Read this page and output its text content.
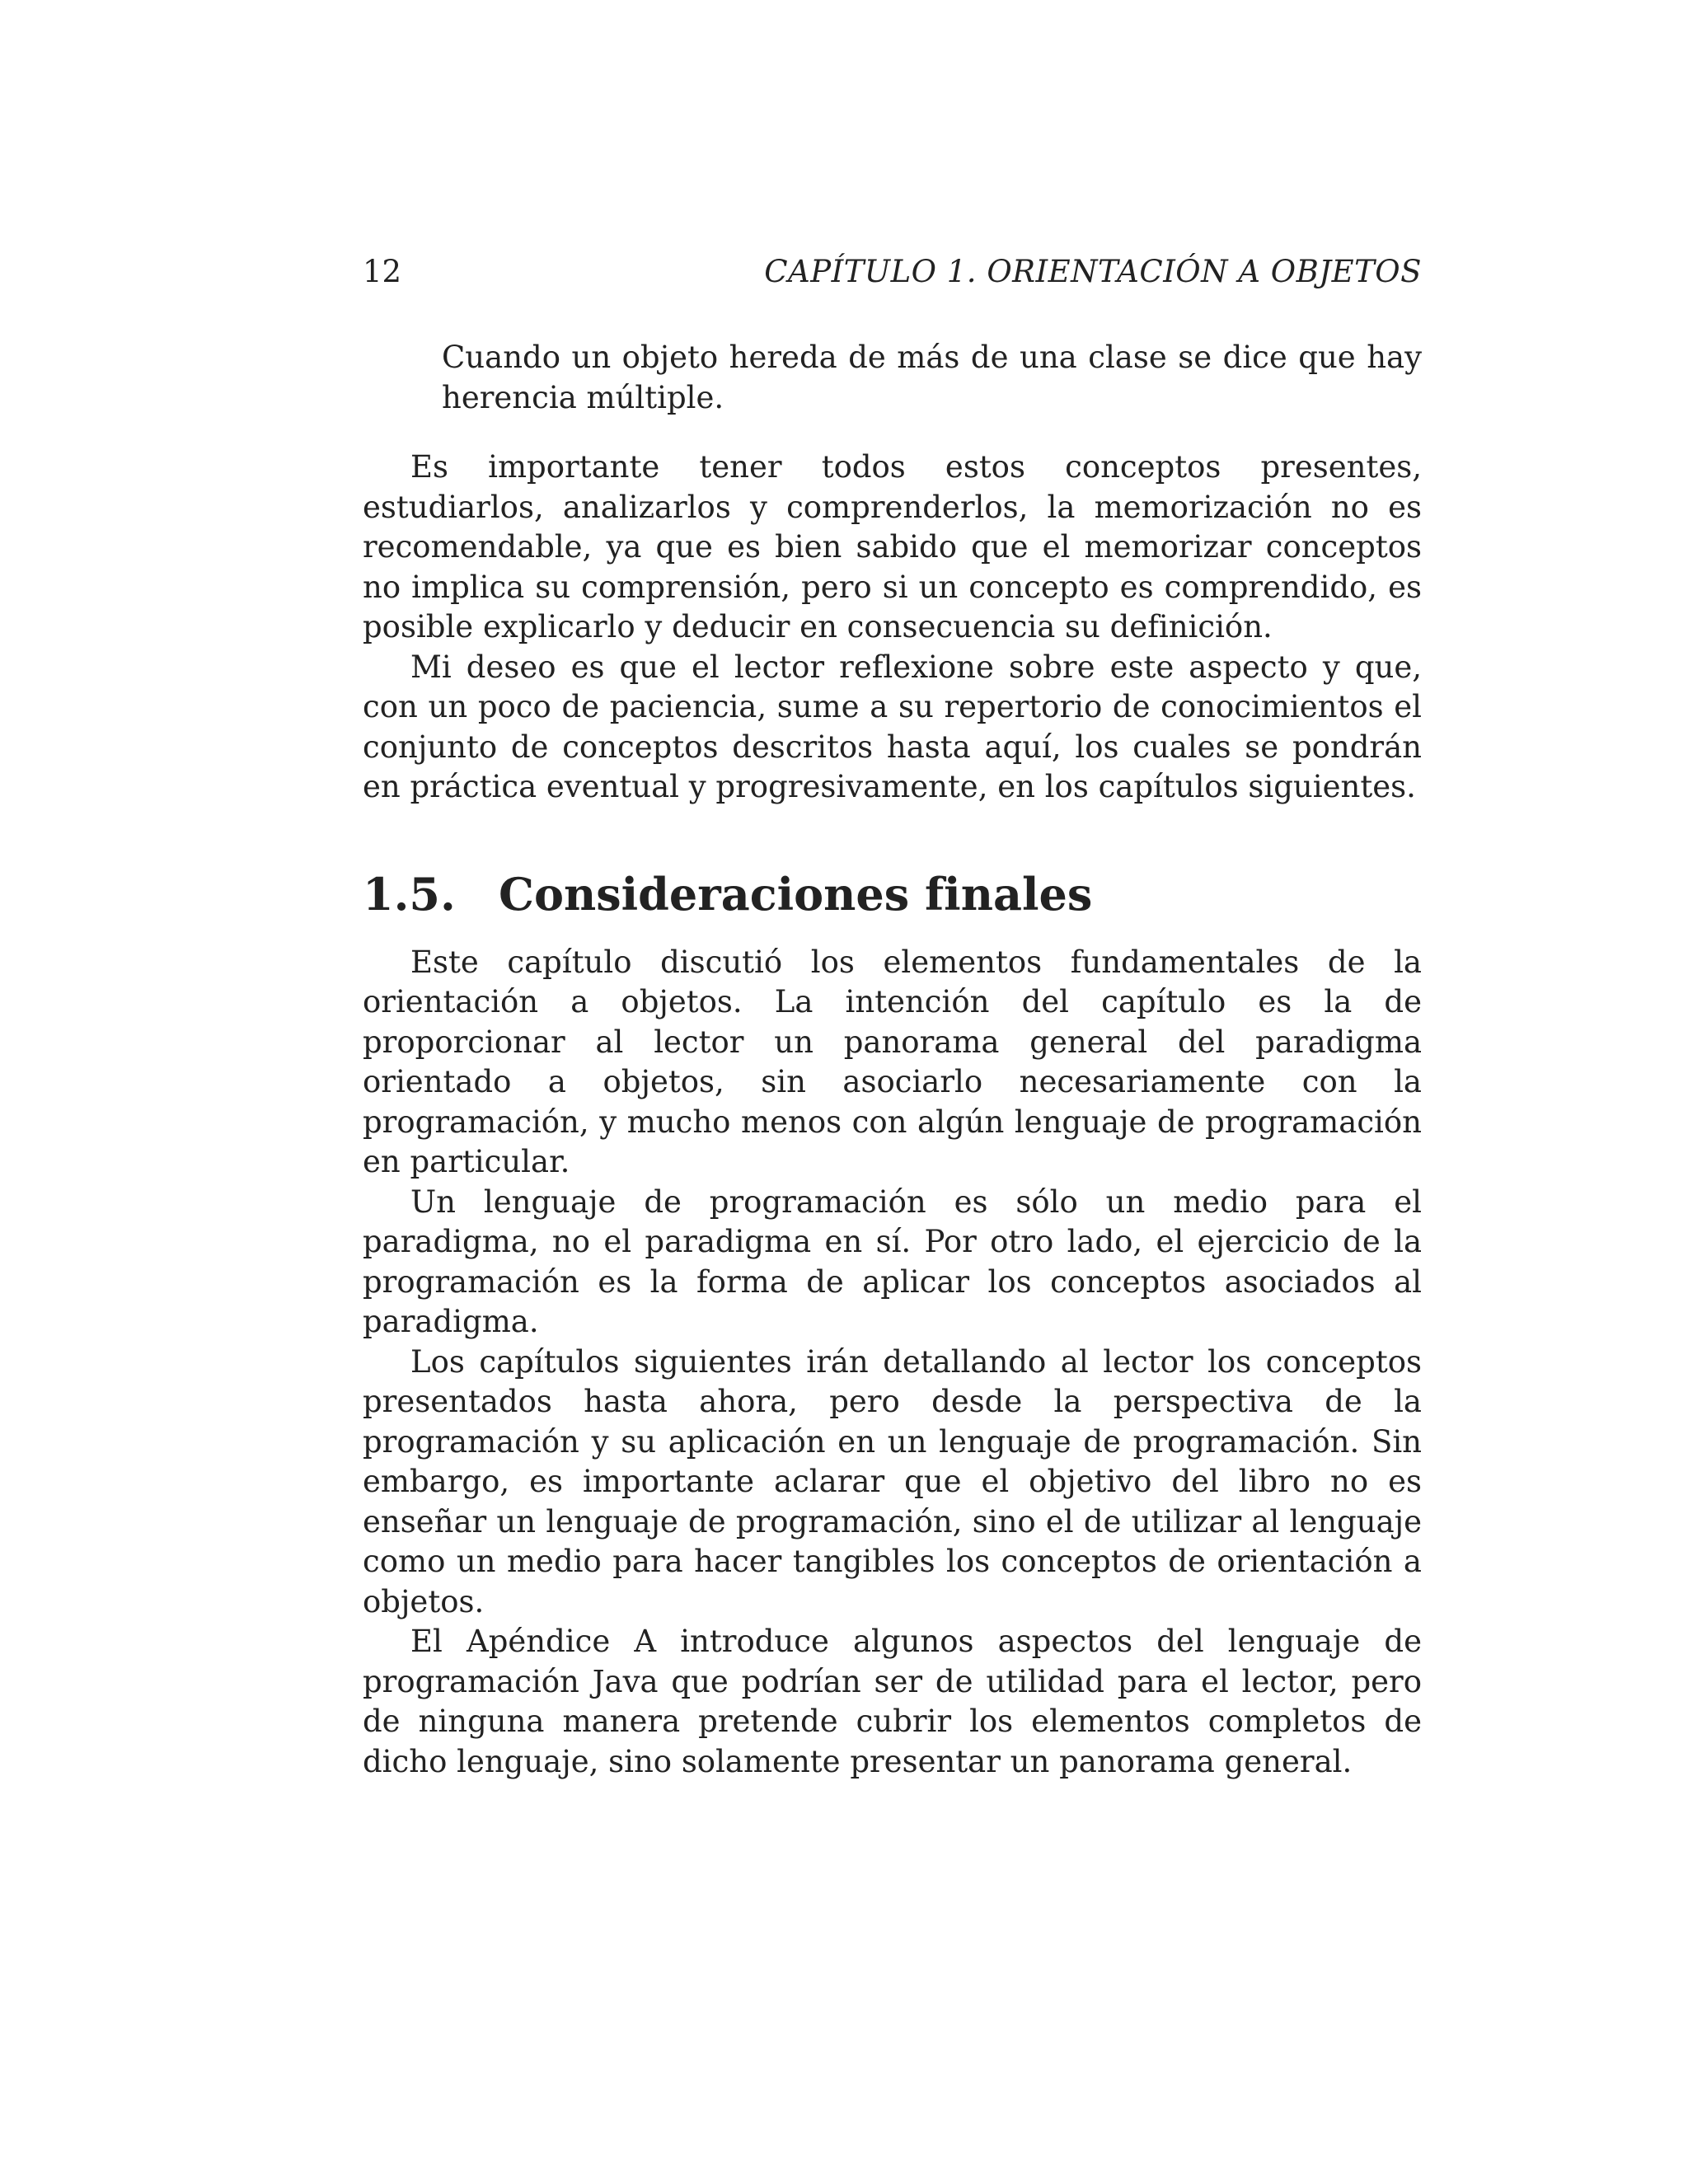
12	CAPÍTULO 1. ORIENTACIÓN A OBJETOS

Cuando un objeto hereda de más de una clase se dice que hay herencia múltiple.

Es importante tener todos estos conceptos presentes, estudiarlos, analizarlos y comprenderlos, la memorización no es recomendable, ya que es bien sabido que el memorizar conceptos no implica su comprensión, pero si un concepto es comprendido, es posible explicarlo y deducir en consecuencia su definición.

Mi deseo es que el lector reflexione sobre este aspecto y que, con un poco de paciencia, sume a su repertorio de conocimientos el conjunto de conceptos descritos hasta aquí, los cuales se pondrán en práctica eventual y progresivamente, en los capítulos siguientes.

1.5. Consideraciones finales

Este capítulo discutió los elementos fundamentales de la orientación a objetos. La intención del capítulo es la de proporcionar al lector un panorama general del paradigma orientado a objetos, sin asociarlo necesariamente con la programación, y mucho menos con algún lenguaje de programación en particular.

Un lenguaje de programación es sólo un medio para el paradigma, no el paradigma en sí. Por otro lado, el ejercicio de la programación es la forma de aplicar los conceptos asociados al paradigma.

Los capítulos siguientes irán detallando al lector los conceptos presentados hasta ahora, pero desde la perspectiva de la programación y su aplicación en un lenguaje de programación. Sin embargo, es importante aclarar que el objetivo del libro no es enseñar un lenguaje de programación, sino el de utilizar al lenguaje como un medio para hacer tangibles los conceptos de orientación a objetos.

El Apéndice A introduce algunos aspectos del lenguaje de programación Java que podrían ser de utilidad para el lector, pero de ninguna manera pretende cubrir los elementos completos de dicho lenguaje, sino solamente presentar un panorama general.
